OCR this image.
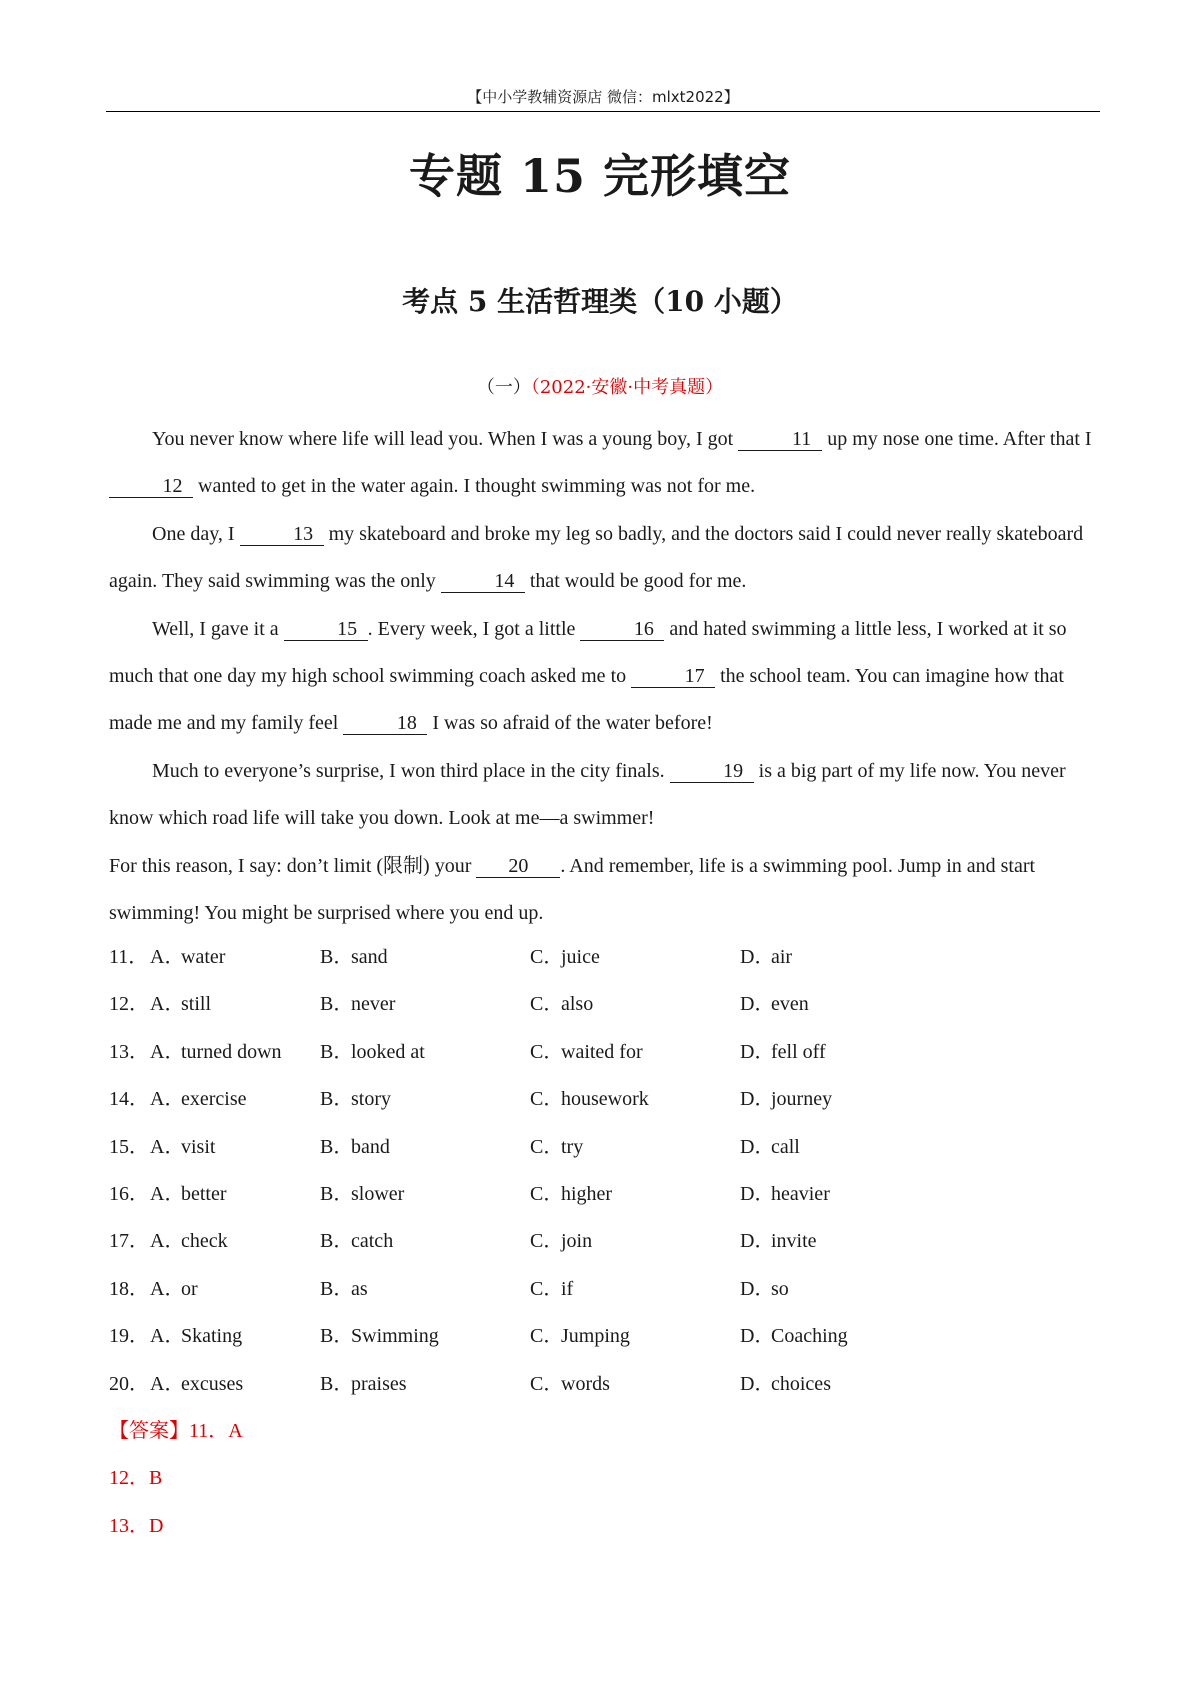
【中小学教辅资源店 微信：mlxt2022】
专题 15 完形填空
考点 5 生活哲理类（10 小题）
（一）（2022·安徽·中考真题）

You never know where life will lead you. When I was a young boy, I got	11 up my nose one time. After that I 12 wanted to get in the water again. I thought swimming was not for me.

One day, I	13 my skateboard and broke my leg so badly, and the doctors said I could never really skateboard again. They said swimming was the only	14 that would be good for me.

Well, I gave it a	15 . Every week, I got a little	16 and hated swimming a little less, I worked at it so much that one day my high school swimming coach asked me to	17 the school team. You can imagine how that made me and my family feel	18 I was so afraid of the water before!

Much to everyone’s surprise, I won third place in the city finals.	19 is a big part of my life now. You never know which road life will take you down. Look at me—a swimmer!

For this reason, I say: don’t limit (限制) your 20 . And remember, life is a swimming pool. Jump in and start swimming! You might be surprised where you end up.

11． A．water	B．sand	C．juice	D．air
12． A．still	B．never	C．also	D．even
13． A．turned down B．looked at	C．waited for	D．fell off
14． A．exercise	B．story	C．housework	D．journey
15． A．visit	B．band	C．try	D．call
16． A．better	B．slower	C．higher	D．heavier
17． A．check	B．catch	C．join	D．invite
18． A．or	B．as	C．if	D．so
19． A．Skating	B．Swimming	C．Jumping	D．Coaching
20． A．excuses	B．praises	C．words	D．choices
【答案】11．A
12．B
13．D
